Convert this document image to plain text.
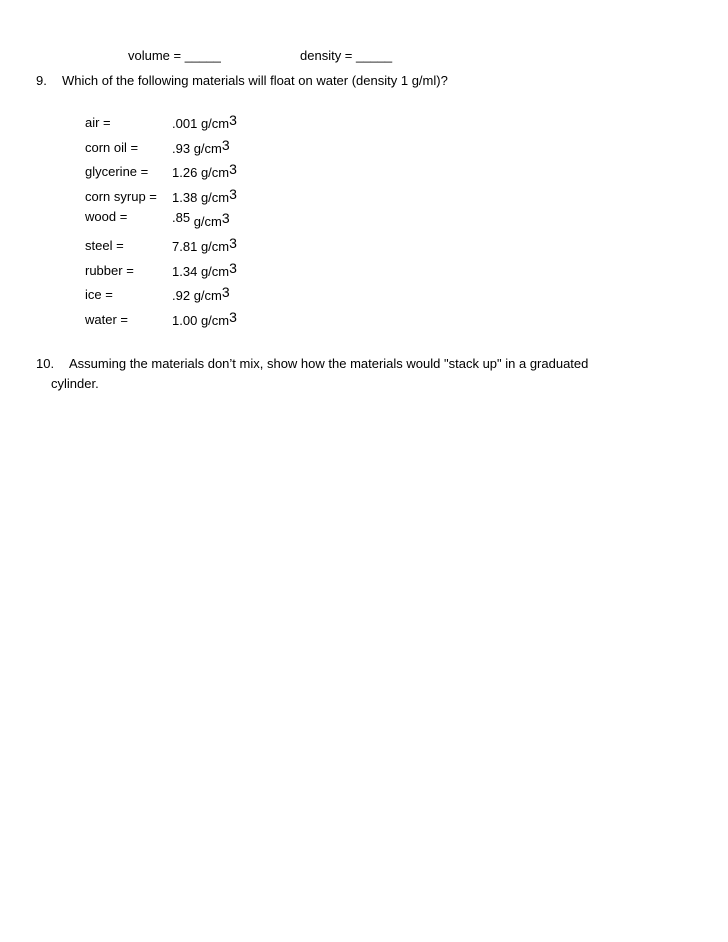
volume = _____	density = _____
9. Which of the following materials will float on water (density 1 g/ml)?
air =	.001 g/cm3
corn oil =	.93 g/cm3
glycerine = 1.26 g/cm3
corn syrup = 1.38 g/cm3
wood =	.85 g/cm3
steel =	7.81 g/cm3
rubber =	1.34 g/cm3
ice =	.92 g/cm3
water =	1.00 g/cm3
10. Assuming the materials don’t mix, show how the materials would "stack up" in a graduated
cylinder.
